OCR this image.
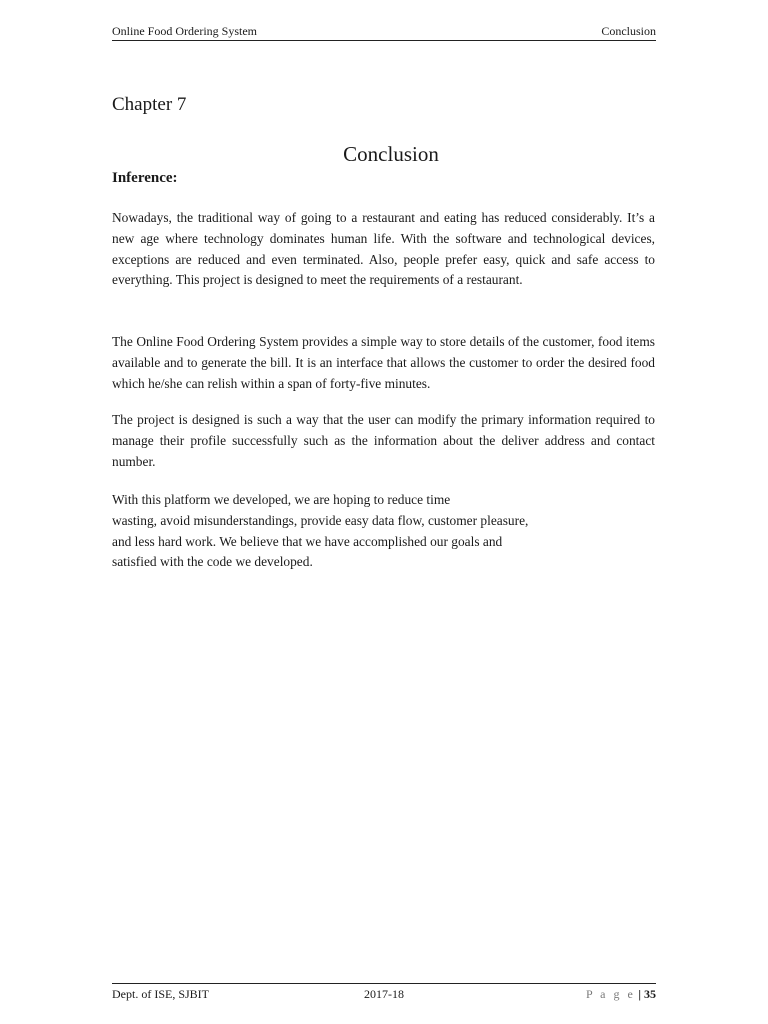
Online Food Ordering System	Conclusion
Chapter 7
Conclusion
Inference:

Nowadays, the traditional way of going to a restaurant and eating has reduced considerably. It’s a new age where technology dominates human life. With the software and technological devices, exceptions are reduced and even terminated. Also, people prefer easy, quick and safe access to everything. This project is designed to meet the requirements of a restaurant.

The Online Food Ordering System provides a simple way to store details of the customer, food items available and to generate the bill. It is an interface that allows the customer to order the desired food which he/she can relish within a span of forty-five minutes.

The project is designed is such a way that the user can modify the primary information required to manage their profile successfully such as the information about the deliver address and contact number.

With this platform we developed, we are hoping to reduce time
wasting, avoid misunderstandings, provide easy data flow, customer pleasure,
and less hard work. We believe that we have accomplished our goals and
satisfied with the code we developed.
Dept. of ISE, SJBIT	2017-18	P a g e | 35
